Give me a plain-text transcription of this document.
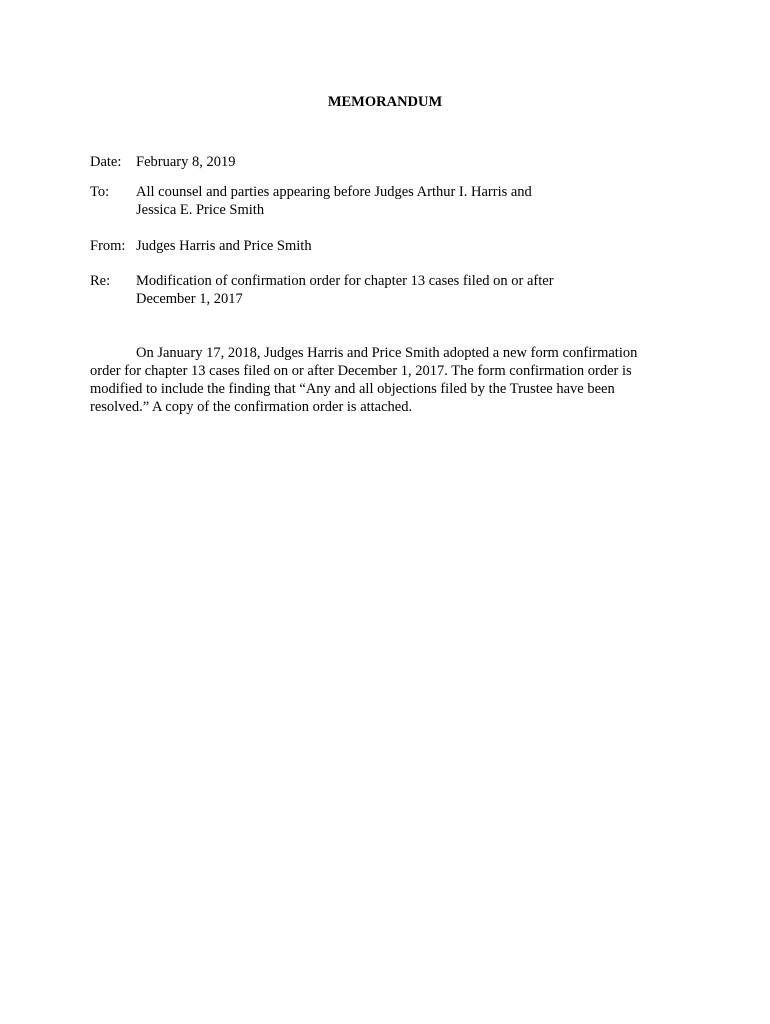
MEMORANDUM
Date: February 8, 2019
To: All counsel and parties appearing before Judges Arthur I. Harris and
Jessica E. Price Smith
From: Judges Harris and Price Smith
Re: Modification of confirmation order for chapter 13 cases filed on or after
December 1, 2017
On January 17, 2018, Judges Harris and Price Smith adopted a new form confirmation
order for chapter 13 cases filed on or after December 1, 2017. The form confirmation order is
modified to include the finding that “Any and all objections filed by the Trustee have been
resolved.” A copy of the confirmation order is attached.
